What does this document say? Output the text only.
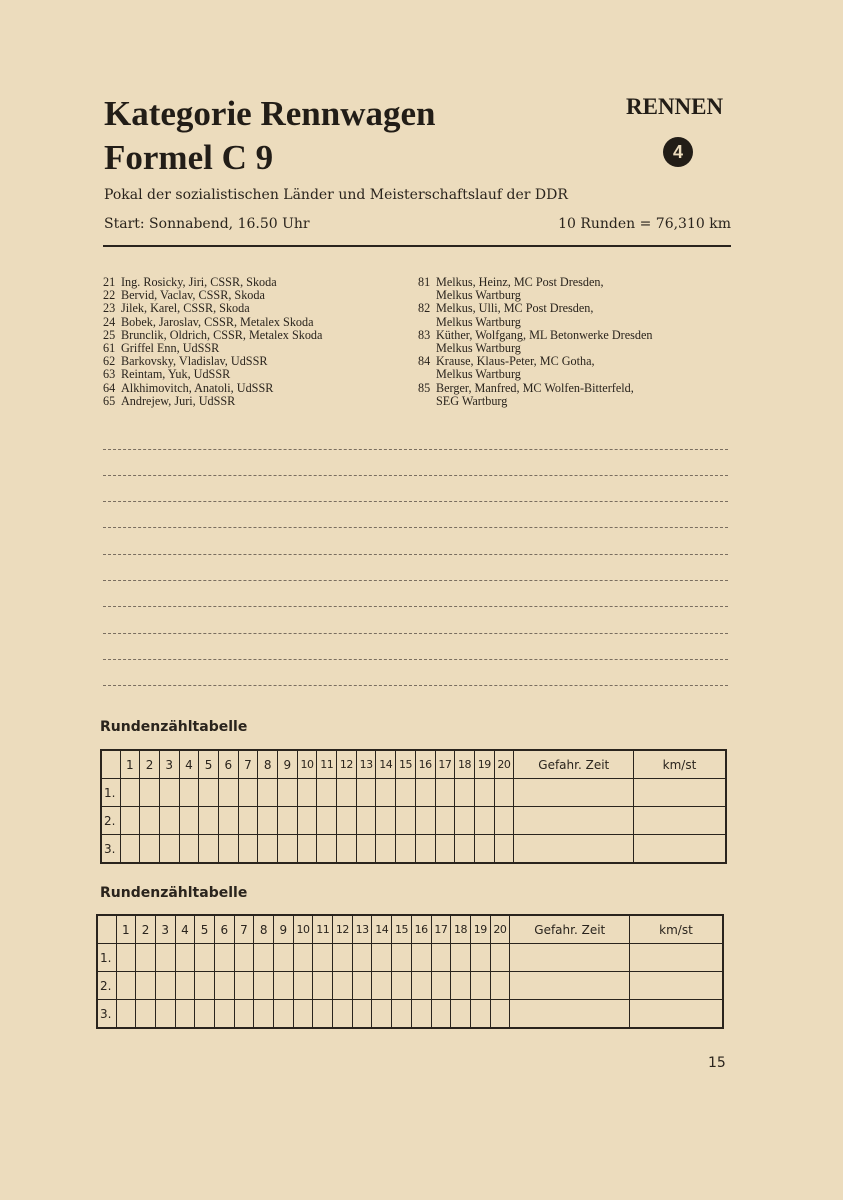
Kategorie Rennwagen
Formel C 9
RENNEN
4
Pokal der sozialistischen Länder und Meisterschaftslauf der DDR
Start: Sonnabend, 16.50 Uhr	10 Runden = 76,310 km
21 Ing. Rosicky, Jiri, CSSR, Skoda
22 Bervid, Vaclav, CSSR, Skoda
23 Jilek, Karel, CSSR, Skoda
24 Bobek, Jaroslav, CSSR, Metalex Skoda
25 Brunclik, Oldrich, CSSR, Metalex Skoda
61 Griffel Enn, UdSSR
62 Barkovsky, Vladislav, UdSSR
63 Reintam, Yuk, UdSSR
64 Alkhimovitch, Anatoli, UdSSR
65 Andrejew, Juri, UdSSR
81 Melkus, Heinz, MC Post Dresden,
Melkus Wartburg
82 Melkus, Ulli, MC Post Dresden,
Melkus Wartburg
83 Küther, Wolfgang, ML Betonwerke Dresden
Melkus Wartburg
84 Krause, Klaus-Peter, MC Gotha,
Melkus Wartburg
85 Berger, Manfred, MC Wolfen-Bitterfeld,
SEG Wartburg
Rundenzähltabelle
	1	2	3	4	5	6	7	8	9	10	11	12	13	14	15	16	17	18	19	20	Gefahr. Zeit	km/st
1.																						
2.																						
3.																						
Rundenzähltabelle
	1	2	3	4	5	6	7	8	9	10	11	12	13	14	15	16	17	18	19	20	Gefahr. Zeit	km/st
1.																						
2.																						
3.																						
15
